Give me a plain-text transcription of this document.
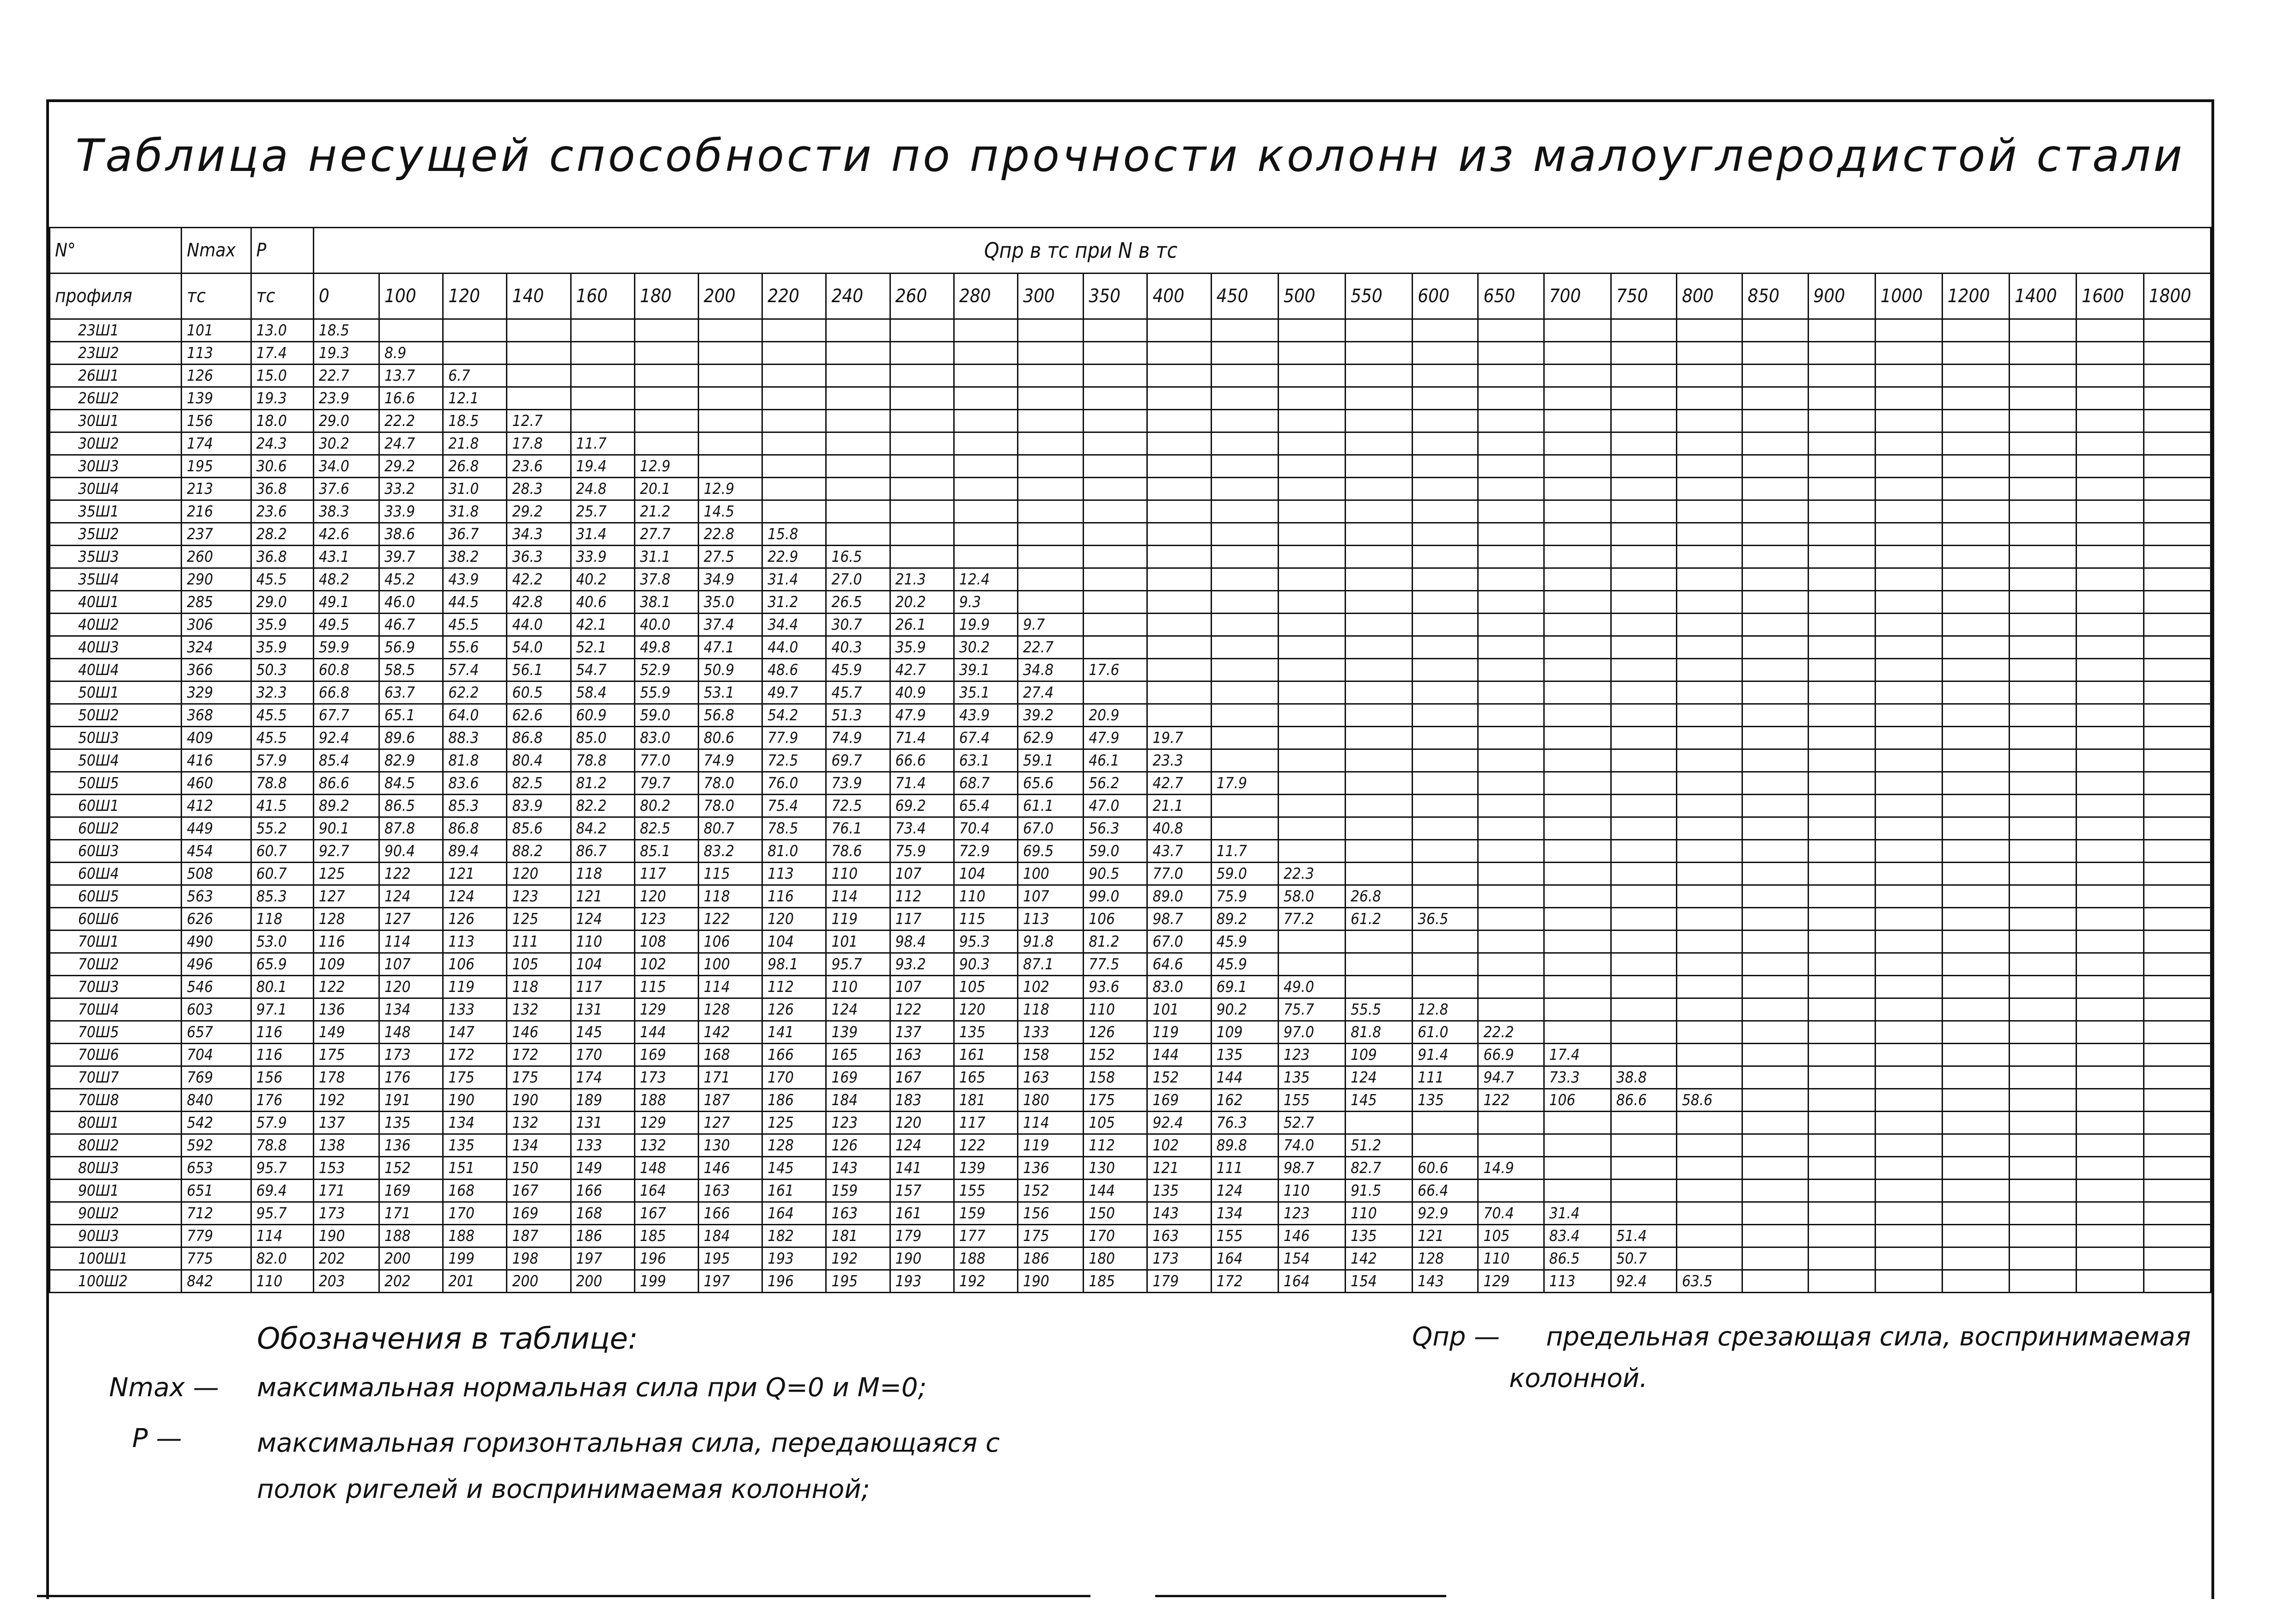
Таблица несущей способности по прочности колонн из малоуглеродистой стали
N°	Nmax	P	Qпр в тс при N в тс																												
профиля	тс	тс	0	100	120	140	160	180	200	220	240	260	280	300	350	400	450	500	550	600	650	700	750	800	850	900	1000	1200	1400	1600	1800
23Ш1	101	13.0	18.5																												
23Ш2	113	17.4	19.3	8.9																											
26Ш1	126	15.0	22.7	13.7	6.7																										
26Ш2	139	19.3	23.9	16.6	12.1																										
30Ш1	156	18.0	29.0	22.2	18.5	12.7																									
30Ш2	174	24.3	30.2	24.7	21.8	17.8	11.7																								
30Ш3	195	30.6	34.0	29.2	26.8	23.6	19.4	12.9																							
30Ш4	213	36.8	37.6	33.2	31.0	28.3	24.8	20.1	12.9																						
35Ш1	216	23.6	38.3	33.9	31.8	29.2	25.7	21.2	14.5																						
35Ш2	237	28.2	42.6	38.6	36.7	34.3	31.4	27.7	22.8	15.8																					
35Ш3	260	36.8	43.1	39.7	38.2	36.3	33.9	31.1	27.5	22.9	16.5																				
35Ш4	290	45.5	48.2	45.2	43.9	42.2	40.2	37.8	34.9	31.4	27.0	21.3	12.4																		
40Ш1	285	29.0	49.1	46.0	44.5	42.8	40.6	38.1	35.0	31.2	26.5	20.2	9.3																		
40Ш2	306	35.9	49.5	46.7	45.5	44.0	42.1	40.0	37.4	34.4	30.7	26.1	19.9	9.7																	
40Ш3	324	35.9	59.9	56.9	55.6	54.0	52.1	49.8	47.1	44.0	40.3	35.9	30.2	22.7																	
40Ш4	366	50.3	60.8	58.5	57.4	56.1	54.7	52.9	50.9	48.6	45.9	42.7	39.1	34.8	17.6																
50Ш1	329	32.3	66.8	63.7	62.2	60.5	58.4	55.9	53.1	49.7	45.7	40.9	35.1	27.4																	
50Ш2	368	45.5	67.7	65.1	64.0	62.6	60.9	59.0	56.8	54.2	51.3	47.9	43.9	39.2	20.9																
50Ш3	409	45.5	92.4	89.6	88.3	86.8	85.0	83.0	80.6	77.9	74.9	71.4	67.4	62.9	47.9	19.7															
50Ш4	416	57.9	85.4	82.9	81.8	80.4	78.8	77.0	74.9	72.5	69.7	66.6	63.1	59.1	46.1	23.3															
50Ш5	460	78.8	86.6	84.5	83.6	82.5	81.2	79.7	78.0	76.0	73.9	71.4	68.7	65.6	56.2	42.7	17.9														
60Ш1	412	41.5	89.2	86.5	85.3	83.9	82.2	80.2	78.0	75.4	72.5	69.2	65.4	61.1	47.0	21.1															
60Ш2	449	55.2	90.1	87.8	86.8	85.6	84.2	82.5	80.7	78.5	76.1	73.4	70.4	67.0	56.3	40.8															
60Ш3	454	60.7	92.7	90.4	89.4	88.2	86.7	85.1	83.2	81.0	78.6	75.9	72.9	69.5	59.0	43.7	11.7														
60Ш4	508	60.7	125	122	121	120	118	117	115	113	110	107	104	100	90.5	77.0	59.0	22.3													
60Ш5	563	85.3	127	124	124	123	121	120	118	116	114	112	110	107	99.0	89.0	75.9	58.0	26.8												
60Ш6	626	118	128	127	126	125	124	123	122	120	119	117	115	113	106	98.7	89.2	77.2	61.2	36.5											
70Ш1	490	53.0	116	114	113	111	110	108	106	104	101	98.4	95.3	91.8	81.2	67.0	45.9														
70Ш2	496	65.9	109	107	106	105	104	102	100	98.1	95.7	93.2	90.3	87.1	77.5	64.6	45.9														
70Ш3	546	80.1	122	120	119	118	117	115	114	112	110	107	105	102	93.6	83.0	69.1	49.0													
70Ш4	603	97.1	136	134	133	132	131	129	128	126	124	122	120	118	110	101	90.2	75.7	55.5	12.8											
70Ш5	657	116	149	148	147	146	145	144	142	141	139	137	135	133	126	119	109	97.0	81.8	61.0	22.2										
70Ш6	704	116	175	173	172	172	170	169	168	166	165	163	161	158	152	144	135	123	109	91.4	66.9	17.4									
70Ш7	769	156	178	176	175	175	174	173	171	170	169	167	165	163	158	152	144	135	124	111	94.7	73.3	38.8								
70Ш8	840	176	192	191	190	190	189	188	187	186	184	183	181	180	175	169	162	155	145	135	122	106	86.6	58.6							
80Ш1	542	57.9	137	135	134	132	131	129	127	125	123	120	117	114	105	92.4	76.3	52.7													
80Ш2	592	78.8	138	136	135	134	133	132	130	128	126	124	122	119	112	102	89.8	74.0	51.2												
80Ш3	653	95.7	153	152	151	150	149	148	146	145	143	141	139	136	130	121	111	98.7	82.7	60.6	14.9										
90Ш1	651	69.4	171	169	168	167	166	164	163	161	159	157	155	152	144	135	124	110	91.5	66.4											
90Ш2	712	95.7	173	171	170	169	168	167	166	164	163	161	159	156	150	143	134	123	110	92.9	70.4	31.4									
90Ш3	779	114	190	188	188	187	186	185	184	182	181	179	177	175	170	163	155	146	135	121	105	83.4	51.4								
100Ш1	775	82.0	202	200	199	198	197	196	195	193	192	190	188	186	180	173	164	154	142	128	110	86.5	50.7								
100Ш2	842	110	203	202	201	200	200	199	197	196	195	193	192	190	185	179	172	164	154	143	129	113	92.4	63.5							
Обозначения в таблице:
Nmax — максимальная нормальная сила при Q=0 и M=0;
P —	максимальная горизонтальная сила, передающаяся с
полок ригелей и воспринимаемая колонной;
Qпр — предельная срезающая сила, воспринимаемая
колонной.
